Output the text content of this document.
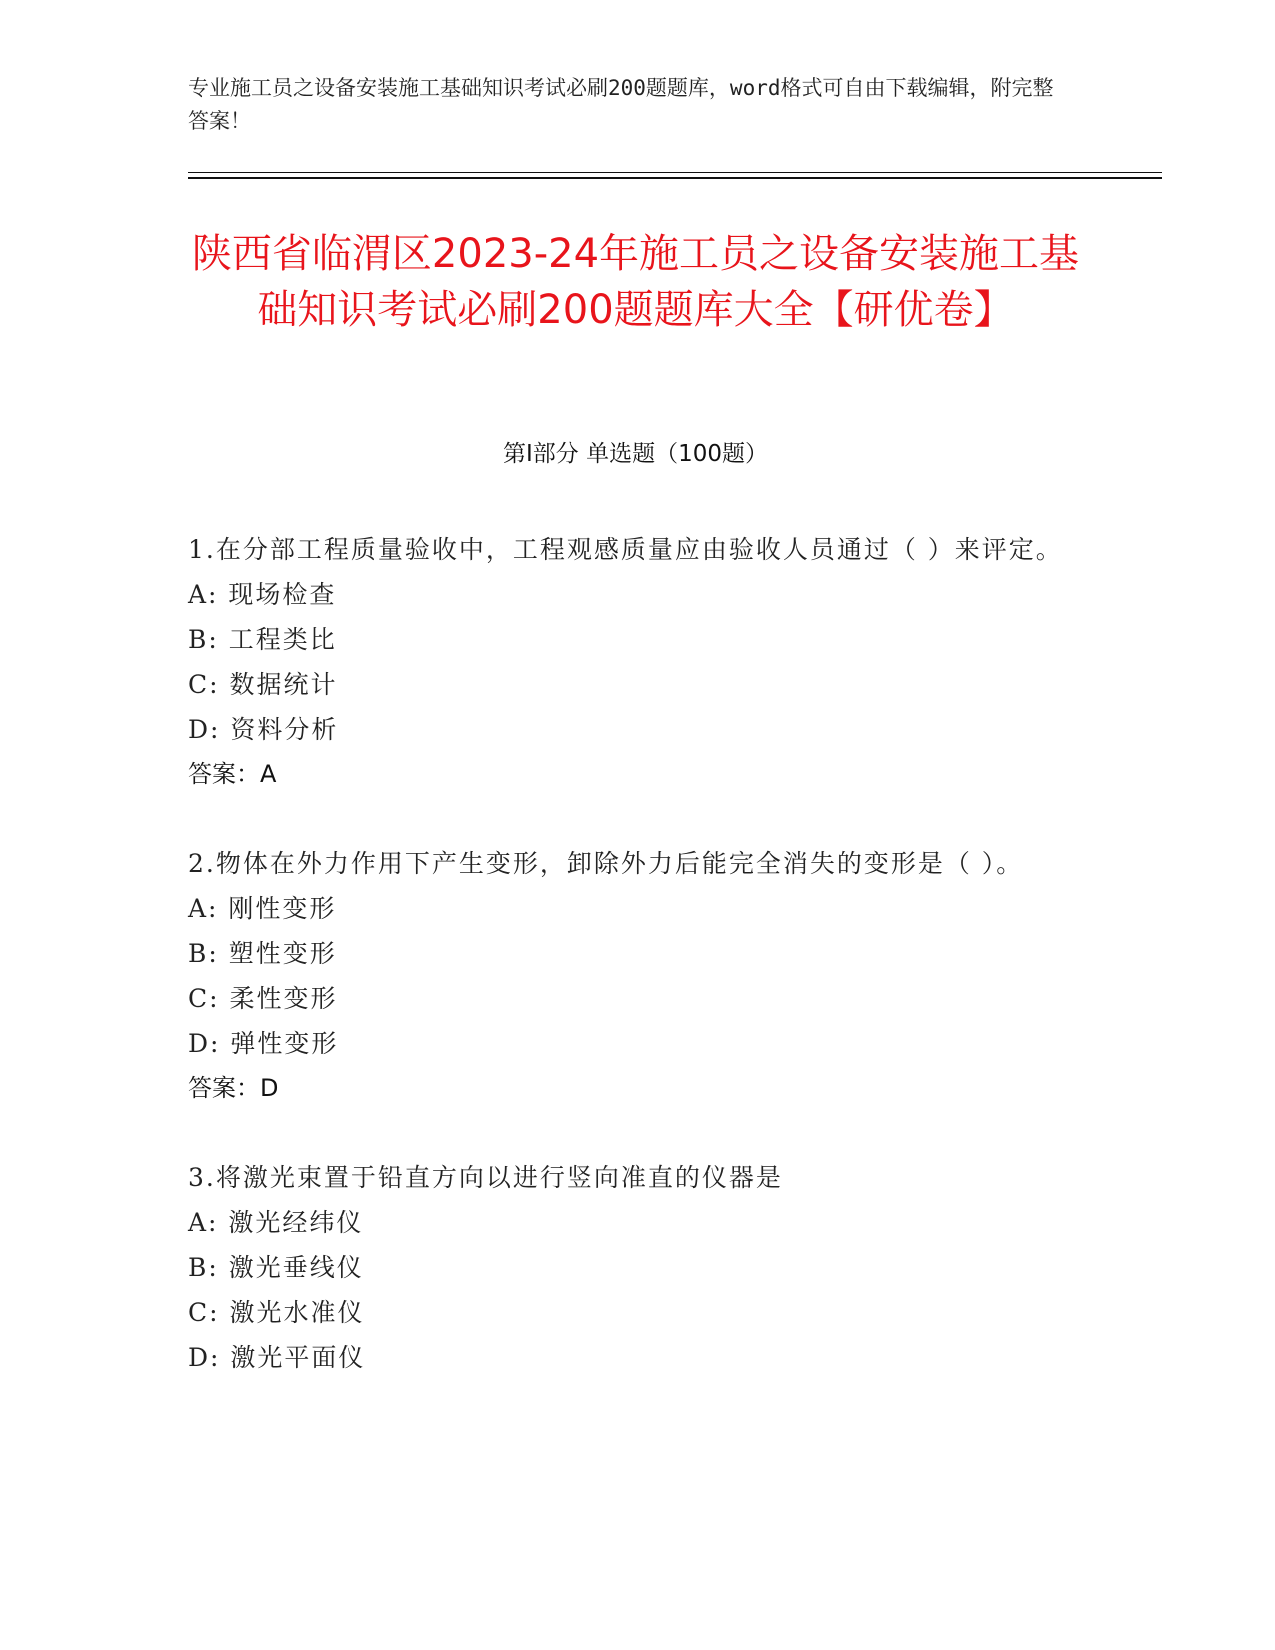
专业施工员之设备安装施工基础知识考试必刷200题题库，word格式可自由下载编辑，附完整答案！
陕西省临渭区2023-24年施工员之设备安装施工基础知识考试必刷200题题库大全【研优卷】
第Ⅰ部分 单选题（100题）
1.在分部工程质量验收中，工程观感质量应由验收人员通过（ ）来评定。
A: 现场检查
B: 工程类比
C: 数据统计
D: 资料分析
答案：A
2.物体在外力作用下产生变形，卸除外力后能完全消失的变形是（ ）。
A: 刚性变形
B: 塑性变形
C: 柔性变形
D: 弹性变形
答案：D
3.将激光束置于铅直方向以进行竖向准直的仪器是
A: 激光经纬仪
B: 激光垂线仪
C: 激光水准仪
D: 激光平面仪
